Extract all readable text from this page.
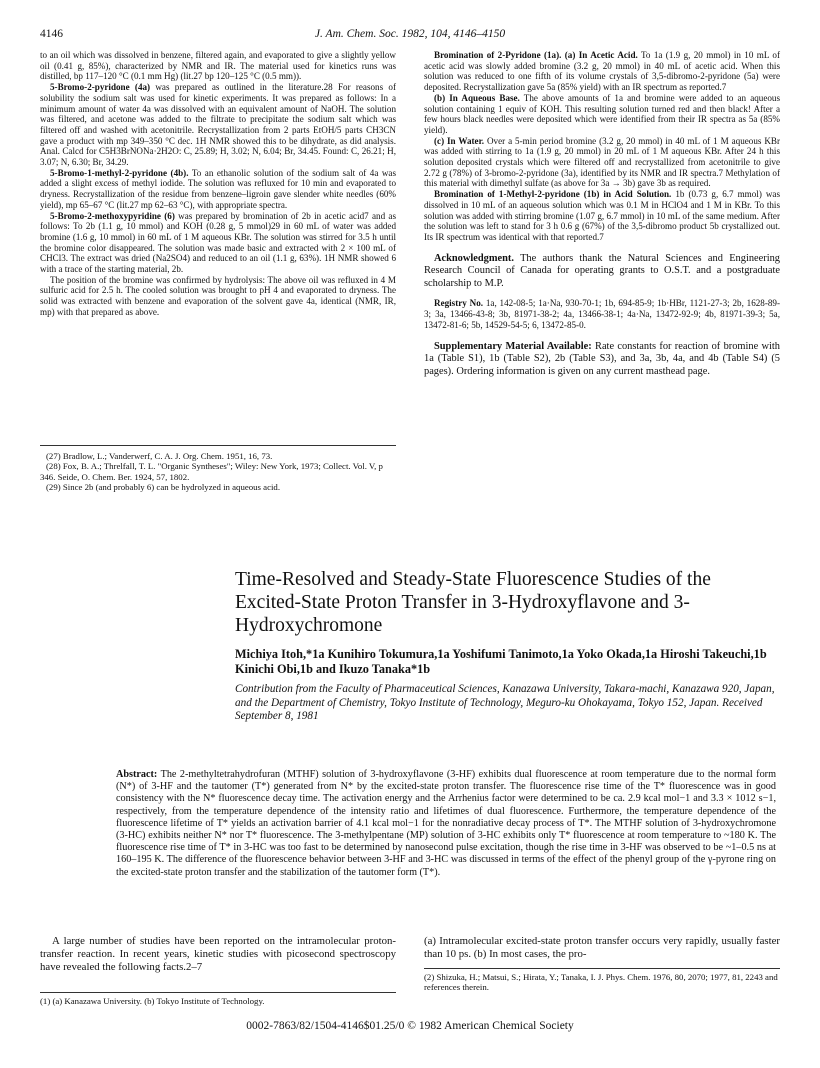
4146	J. Am. Chem. Soc. 1982, 104, 4146–4150

to an oil which was dissolved in benzene, filtered again, and evaporated to give a slightly yellow oil (0.41 g, 85%), characterized by NMR and IR. The material used for kinetics runs was distilled, bp 117–120 °C (0.1 mm Hg) (lit.27 bp 120–125 °C (0.5 mm)).

5-Bromo-2-pyridone (4a) was prepared as outlined in the literature.28 For reasons of solubility the sodium salt was used for kinetic experiments. It was prepared as follows: In a minimum amount of water 4a was dissolved with an equivalent amount of NaOH. The solution was filtered, and acetone was added to the filtrate to precipitate the sodium salt which was filtered off and washed with acetonitrile. Recrystallization from 2 parts EtOH/5 parts CH3CN gave a product with mp 349–350 °C dec. 1H NMR showed this to be dihydrate, as did analysis. Anal. Calcd for C5H3BrNONa·2H2O: C, 25.89; H, 3.02; N, 6.04; Br, 34.45. Found: C, 26.21; H, 3.07; N, 6.30; Br, 34.29.

5-Bromo-1-methyl-2-pyridone (4b). To an ethanolic solution of the sodium salt of 4a was added a slight excess of methyl iodide. The solution was refluxed for 10 min and evaporated to dryness. Recrystallization of the residue from benzene–ligroin gave slender white needles (60% yield), mp 65–67 °C (lit.27 mp 62–63 °C), with appropriate spectra.

5-Bromo-2-methoxypyridine (6) was prepared by bromination of 2b in acetic acid7 and as follows: To 2b (1.1 g, 10 mmol) and KOH (0.28 g, 5 mmol)29 in 60 mL of water was added bromine (1.6 g, 10 mmol) in 60 mL of 1 M aqueous KBr. The solution was stirred for 3.5 h until the bromine color disappeared. The solution was made basic and extracted with 2 × 100 mL of CHCl3. The extract was dried (Na2SO4) and reduced to an oil (1.1 g, 63%). 1H NMR showed 6 with a trace of the starting material, 2b.

The position of the bromine was confirmed by hydrolysis: The above oil was refluxed in 4 M sulfuric acid for 2.5 h. The cooled solution was brought to pH 4 and evaporated to dryness. The solid was extracted with benzene and evaporation of the solvent gave 4a, identical (NMR, IR, mp) with that prepared as above.

(27) Bradlow, L.; Vanderwerf, C. A. J. Org. Chem. 1951, 16, 73.
(28) Fox, B. A.; Threlfall, T. L. "Organic Syntheses"; Wiley: New York, 1973; Collect. Vol. V, p 346. Seide, O. Chem. Ber. 1924, 57, 1802.
(29) Since 2b (and probably 6) can be hydrolyzed in aqueous acid.

Bromination of 2-Pyridone (1a). (a) In Acetic Acid. To 1a (1.9 g, 20 mmol) in 10 mL of acetic acid was slowly added bromine (3.2 g, 20 mmol) in 40 mL of acetic acid. When this solution was reduced to one fifth of its volume crystals of 3,5-dibromo-2-pyridone (5a) were deposited. Recrystallization gave 5a (85% yield) with an IR spectrum as reported.7

(b) In Aqueous Base. The above amounts of 1a and bromine were added to an aqueous solution containing 1 equiv of KOH. This resulting solution turned red and then black! After a few hours black needles were deposited which were identified from their IR spectra as 5a (85% yield).

(c) In Water. Over a 5-min period bromine (3.2 g, 20 mmol) in 40 mL of 1 M aqueous KBr was added with stirring to 1a (1.9 g, 20 mmol) in 20 mL of 1 M aqueous KBr. After 24 h this solution deposited crystals which were filtered off and recrystallized from acetonitrile to give 2.72 g (78%) of 3-bromo-2-pyridone (3a), identified by its NMR and IR spectra.7 Methylation of this material with dimethyl sulfate (as above for 3a → 3b) gave 3b as required.

Bromination of 1-Methyl-2-pyridone (1b) in Acid Solution. 1b (0.73 g, 6.7 mmol) was dissolved in 10 mL of an aqueous solution which was 0.1 M in HClO4 and 1 M in KBr. To this solution was added with stirring bromine (1.07 g, 6.7 mmol) in 10 mL of the same medium. After the solution was left to stand for 3 h 0.6 g (67%) of the 3,5-dibromo product 5b crystallized out. Its IR spectrum was identical with that reported.7

Acknowledgment. The authors thank the Natural Sciences and Engineering Research Council of Canada for operating grants to O.S.T. and a postgraduate scholarship to M.P.

Registry No. 1a, 142-08-5; 1a·Na, 930-70-1; 1b, 694-85-9; 1b·HBr, 1121-27-3; 2b, 1628-89-3; 3a, 13466-43-8; 3b, 81971-38-2; 4a, 13466-38-1; 4a·Na, 13472-92-9; 4b, 81971-39-3; 5a, 13472-81-6; 5b, 14529-54-5; 6, 13472-85-0.

Supplementary Material Available: Rate constants for reaction of bromine with 1a (Table S1), 1b (Table S2), 2b (Table S3), and 3a, 3b, 4a, and 4b (Table S4) (5 pages). Ordering information is given on any current masthead page.

Time-Resolved and Steady-State Fluorescence Studies of the Excited-State Proton Transfer in 3-Hydroxyflavone and 3-Hydroxychromone
Michiya Itoh,*1a Kunihiro Tokumura,1a Yoshifumi Tanimoto,1a Yoko Okada,1a Hiroshi Takeuchi,1b Kinichi Obi,1b and Ikuzo Tanaka*1b
Contribution from the Faculty of Pharmaceutical Sciences, Kanazawa University, Takara-machi, Kanazawa 920, Japan, and the Department of Chemistry, Tokyo Institute of Technology, Meguro-ku Ohokayama, Tokyo 152, Japan. Received September 8, 1981
Abstract: The 2-methyltetrahydrofuran (MTHF) solution of 3-hydroxyflavone (3-HF) exhibits dual fluorescence at room temperature due to the normal form (N*) of 3-HF and the tautomer (T*) generated from N* by the excited-state proton transfer. The fluorescence rise time of the T* fluorescence was in good consistency with the N* fluorescence decay time. The activation energy and the Arrhenius factor were determined to be ca. 2.9 kcal mol−1 and 3.3 × 1012 s−1, respectively, from the temperature dependence of the intensity ratio and lifetimes of dual fluorescence. Furthermore, the temperature dependence of the fluorescence lifetime of T* yields an activation barrier of 4.1 kcal mol−1 for the nonradiative decay process of T*. The MTHF solution of 3-hydroxychromone (3-HC) exhibits neither N* nor T* fluorescence. The 3-methylpentane (MP) solution of 3-HC exhibits only T* fluorescence at room temperature to ~180 K. The fluorescence rise time of T* in 3-HC was too fast to be determined by nanosecond pulse excitation, though the rise time in 3-HF was observed to be ~1–0.5 ns at 160–195 K. The difference of the fluorescence behavior between 3-HF and 3-HC was discussed in terms of the effect of the phenyl group of the γ-pyrone ring on the excited-state proton transfer and the stabilization of the tautomer form (T*).

A large number of studies have been reported on the intramolecular proton-transfer reaction. In recent years, kinetic studies with picosecond spectroscopy have revealed the following facts.2–7

(a) Intramolecular excited-state proton transfer occurs very rapidly, usually faster than 10 ps. (b) In most cases, the pro-

(1) (a) Kanazawa University. (b) Tokyo Institute of Technology.
(2) Shizuka, H.; Matsui, S.; Hirata, Y.; Tanaka, I. J. Phys. Chem. 1976, 80, 2070; 1977, 81, 2243 and references therein.
0002-7863/82/1504-4146$01.25/0 © 1982 American Chemical Society
